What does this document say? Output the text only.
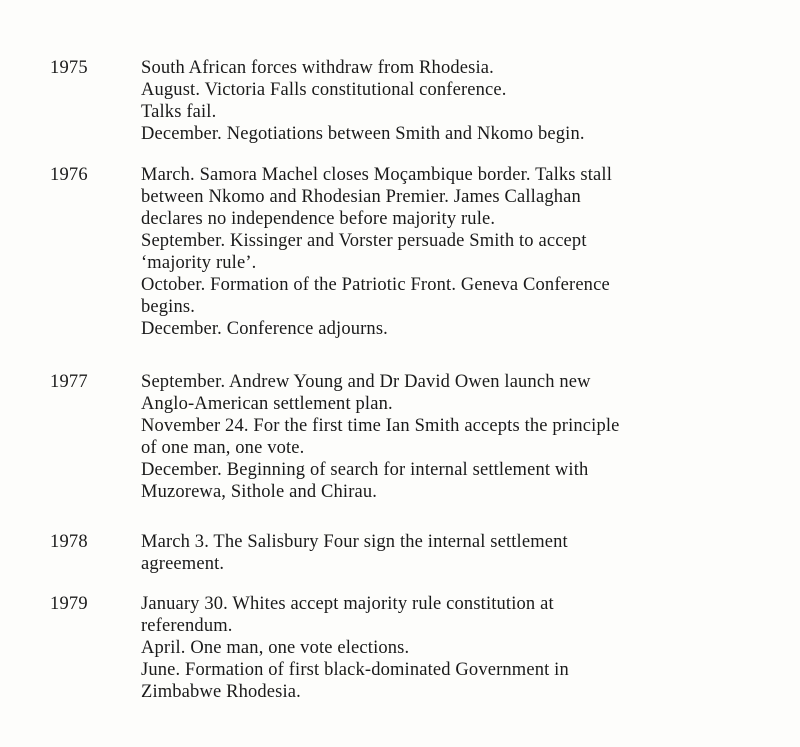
1975	South African forces withdraw from Rhodesia.
August. Victoria Falls constitutional conference.
Talks fail.
December. Negotiations between Smith and Nkomo begin.
1976	March. Samora Machel closes Moçambique border. Talks stall
between Nkomo and Rhodesian Premier. James Callaghan
declares no independence before majority rule.
September. Kissinger and Vorster persuade Smith to accept
‘majority rule’.
October. Formation of the Patriotic Front. Geneva Conference
begins.
December. Conference adjourns.
1977	September. Andrew Young and Dr David Owen launch new
Anglo-American settlement plan.
November 24. For the first time Ian Smith accepts the principle
of one man, one vote.
December. Beginning of search for internal settlement with
Muzorewa, Sithole and Chirau.
1978	March 3. The Salisbury Four sign the internal settlement
agreement.
1979	January 30. Whites accept majority rule constitution at
referendum.
April. One man, one vote elections.
June. Formation of first black-dominated Government in
Zimbabwe Rhodesia.
